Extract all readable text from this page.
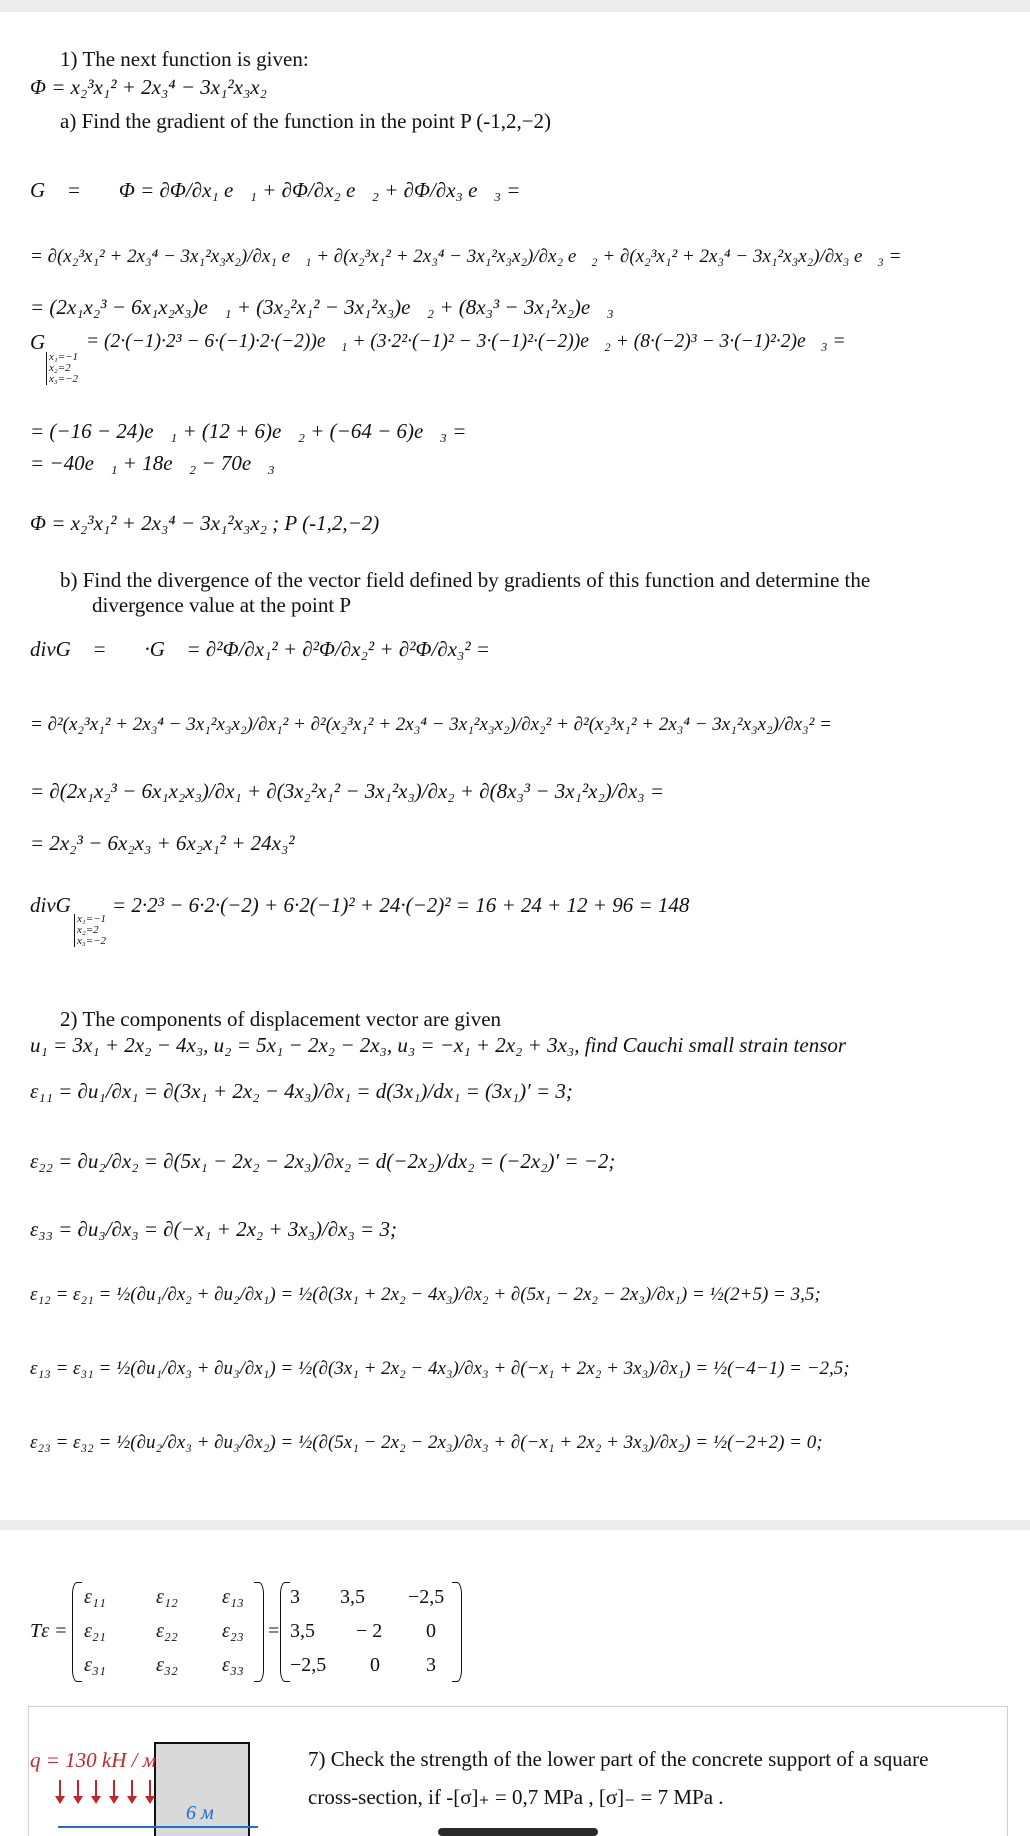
1) The next function is given:
Φ = x₂³x₁² + 2x₃⁴ − 3x₁²x₃x₂
a) Find the gradient of the function in the point P (-1,2,−2)
G⃗ = ∇⃗Φ = ∂Φ/∂x₁ e⃗₁ + ∂Φ/∂x₂ e⃗₂ + ∂Φ/∂x₃ e⃗₃ =
= ∂(x₂³x₁² + 2x₃⁴ − 3x₁²x₃x₂)/∂x₁ e⃗₁ + ∂(x₂³x₁² + 2x₃⁴ − 3x₁²x₃x₂)/∂x₂ e⃗₂ + ∂(x₂³x₁² + 2x₃⁴ − 3x₁²x₃x₂)/∂x₃ e⃗₃ =
= (2x₁x₂³ − 6x₁x₂x₃)e⃗₁ + (3x₂²x₁² − 3x₁²x₃)e⃗₂ + (8x₃³ − 3x₁²x₂)e⃗₃
G⃗
x₁=−1
x₂=2
x₃=−2
= (2·(−1)·2³ − 6·(−1)·2·(−2))e⃗₁ + (3·2²·(−1)² − 3·(−1)²·(−2))e⃗₂ + (8·(−2)³ − 3·(−1)²·2)e⃗₃ =
= (−16 − 24)e⃗₁ + (12 + 6)e⃗₂ + (−64 − 6)e⃗₃ =
= −40e⃗₁ + 18e⃗₂ − 70e⃗₃
Φ = x₂³x₁² + 2x₃⁴ − 3x₁²x₃x₂ ; P (-1,2,−2)
b) Find the divergence of the vector field defined by gradients of this function and determine the
divergence value at the point P
divG⃗ = ∇⃗·G⃗ = ∂²Φ/∂x₁² + ∂²Φ/∂x₂² + ∂²Φ/∂x₃² =
= ∂²(x₂³x₁² + 2x₃⁴ − 3x₁²x₃x₂)/∂x₁² + ∂²(x₂³x₁² + 2x₃⁴ − 3x₁²x₃x₂)/∂x₂² + ∂²(x₂³x₁² + 2x₃⁴ − 3x₁²x₃x₂)/∂x₃² =
= ∂(2x₁x₂³ − 6x₁x₂x₃)/∂x₁ + ∂(3x₂²x₁² − 3x₁²x₃)/∂x₂ + ∂(8x₃³ − 3x₁²x₂)/∂x₃ =
= 2x₂³ − 6x₂x₃ + 6x₂x₁² + 24x₃²
divG⃗
x₁=−1
x₂=2
x₃=−2
= 2·2³ − 6·2·(−2) + 6·2(−1)² + 24·(−2)² = 16 + 24 + 12 + 96 = 148
2) The components of displacement vector are given
u₁ = 3x₁ + 2x₂ − 4x₃, u₂ = 5x₁ − 2x₂ − 2x₃, u₃ = −x₁ + 2x₂ + 3x₃, find Cauchi small strain tensor
ε₁₁ = ∂u₁/∂x₁ = ∂(3x₁ + 2x₂ − 4x₃)/∂x₁ = d(3x₁)/dx₁ = (3x₁)′ = 3;
ε₂₂ = ∂u₂/∂x₂ = ∂(5x₁ − 2x₂ − 2x₃)/∂x₂ = d(−2x₂)/dx₂ = (−2x₂)′ = −2;
ε₃₃ = ∂u₃/∂x₃ = ∂(−x₁ + 2x₂ + 3x₃)/∂x₃ = 3;
ε₁₂ = ε₂₁ = ½(∂u₁/∂x₂ + ∂u₂/∂x₁) = ½(∂(3x₁ + 2x₂ − 4x₃)/∂x₂ + ∂(5x₁ − 2x₂ − 2x₃)/∂x₁) = ½(2+5) = 3,5;
ε₁₃ = ε₃₁ = ½(∂u₁/∂x₃ + ∂u₃/∂x₁) = ½(∂(3x₁ + 2x₂ − 4x₃)/∂x₃ + ∂(−x₁ + 2x₂ + 3x₃)/∂x₁) = ½(−4−1) = −2,5;
ε₂₃ = ε₃₂ = ½(∂u₂/∂x₃ + ∂u₃/∂x₂) = ½(∂(5x₁ − 2x₂ − 2x₃)/∂x₃ + ∂(−x₁ + 2x₂ + 3x₃)/∂x₂) = ½(−2+2) = 0;
Tε =
ε₁₁	ε₁₂ ε₁₃
ε₂₁	ε₂₂ ε₂₃
ε₃₁	ε₃₂ ε₃₃
=
3 3,5 −2,5
3,5 − 2 0
−2,5 0 3
q = 130 kH / м
6 м
7) Check the strength of the lower part of the concrete support of a square
cross-section, if -[σ]₊ = 0,7 MPa , [σ]₋ = 7 MPa .
